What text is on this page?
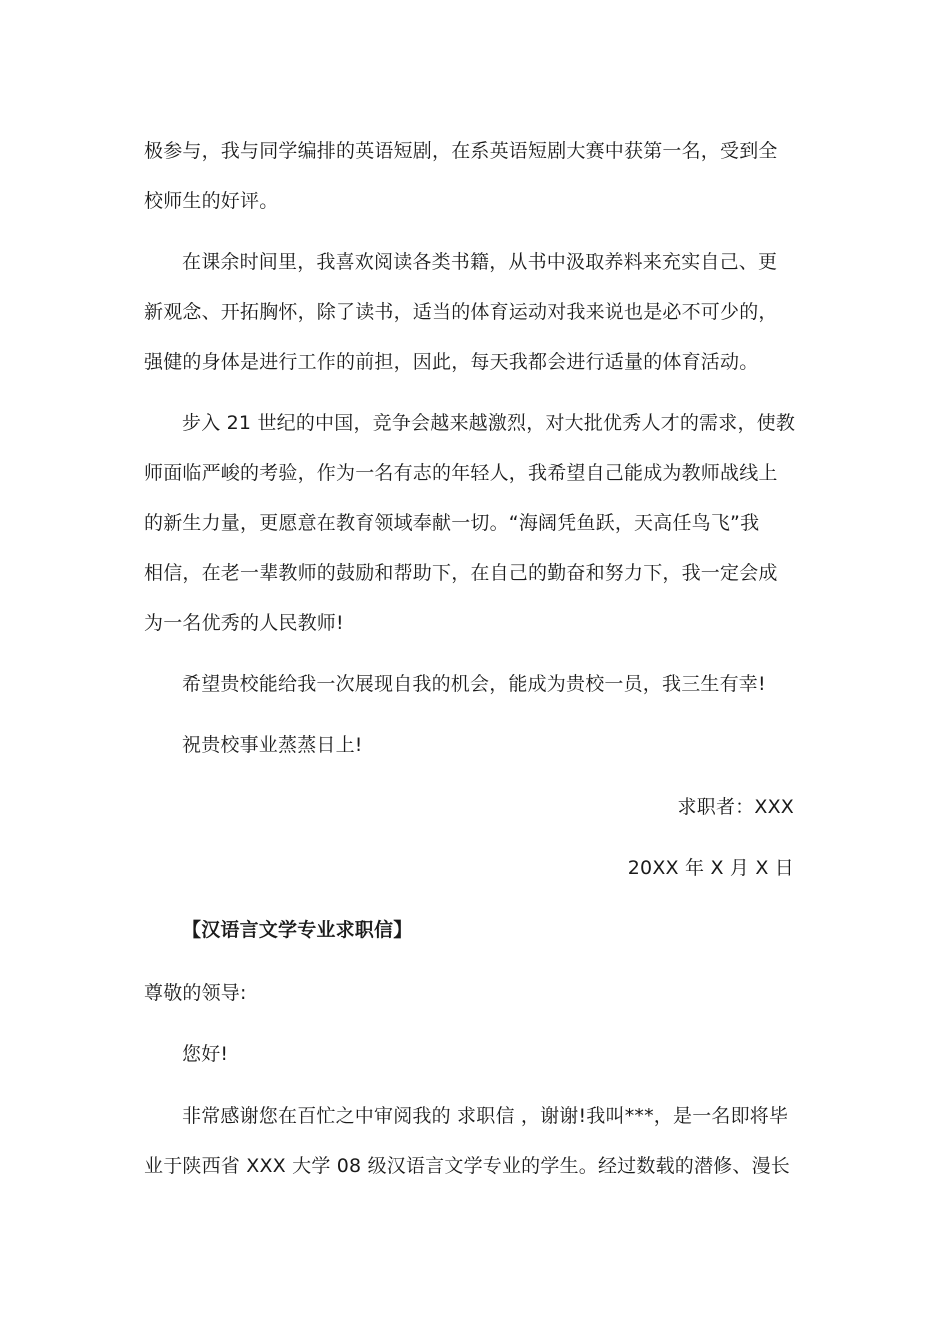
极参与，我与同学编排的英语短剧，在系英语短剧大赛中获第一名，受到全
校师生的好评。
在课余时间里，我喜欢阅读各类书籍，从书中汲取养料来充实自己、更
新观念、开拓胸怀，除了读书，适当的体育运动对我来说也是必不可少的，
强健的身体是进行工作的前担，因此，每天我都会进行适量的体育活动。
步入 21 世纪的中国，竞争会越来越激烈，对大批优秀人才的需求，使教
师面临严峻的考验，作为一名有志的年轻人，我希望自己能成为教师战线上
的新生力量，更愿意在教育领域奉献一切。“海阔凭鱼跃，天高任鸟飞”我
相信，在老一辈教师的鼓励和帮助下，在自己的勤奋和努力下，我一定会成
为一名优秀的人民教师!
希望贵校能给我一次展现自我的机会，能成为贵校一员，我三生有幸!
祝贵校事业蒸蒸日上!
求职者：XXX
20XX 年 X 月 X 日
【汉语言文学专业求职信】
尊敬的领导:
您好!
非常感谢您在百忙之中审阅我的 求职信 ，谢谢!我叫***，是一名即将毕
业于陕西省 XXX 大学 08 级汉语言文学专业的学生。经过数载的潜修、漫长
